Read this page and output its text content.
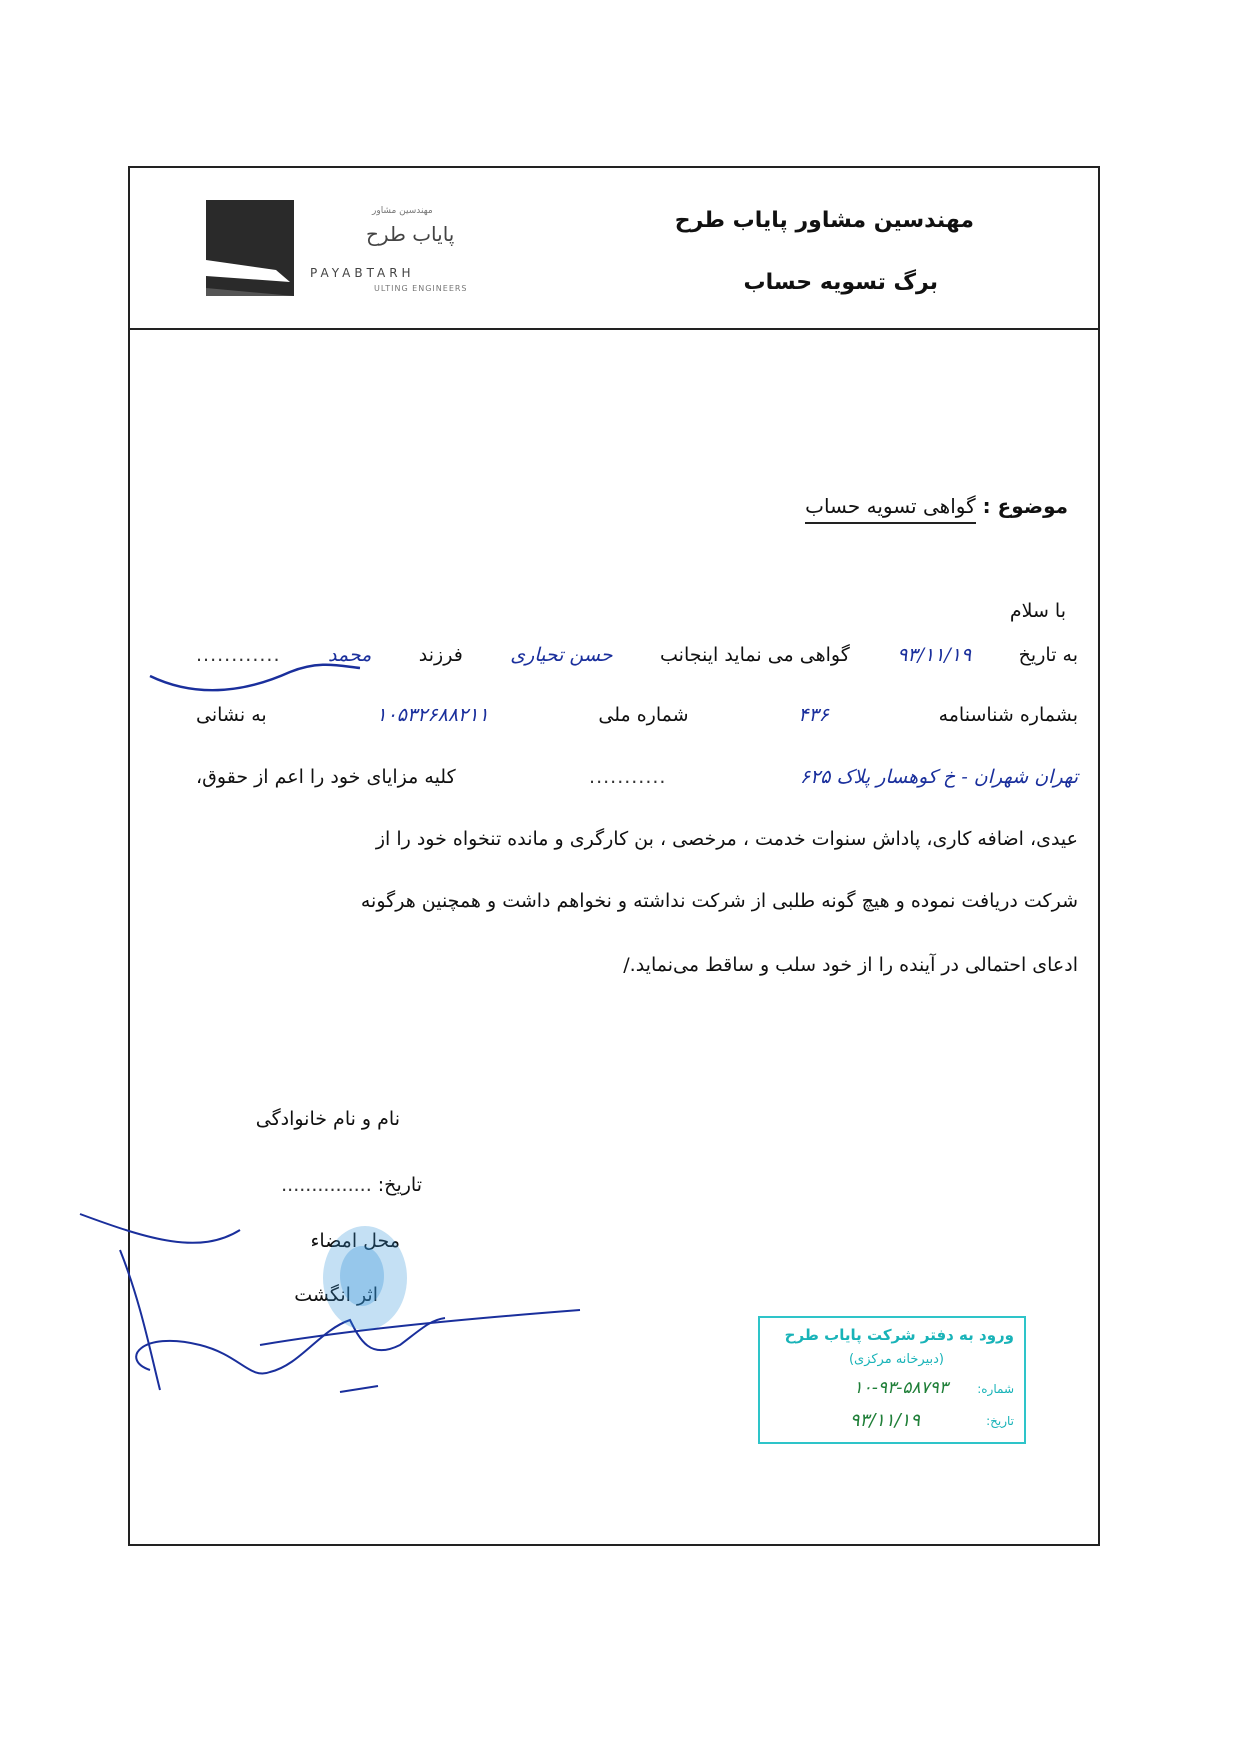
مهندسین مشاور پایاب طرح
برگ تسویه حساب
مهندسین مشاور
پایاب طرح
PAYABTARH
ULTING ENGINEERS
موضوع : گواهی تسویه حساب
با سلام
به تاریخ
۹۳/۱۱/۱۹
گواهی می نماید اینجانب
حسن تحیاری
فرزند
محمد
............
بشماره شناسنامه
۴۳۶
شماره ملی
۱۰۵۳۲۶۸۸۲۱۱
به نشانی
تهران شهران - خ کوهسار پلاک ۶۲۵
...........
کلیه مزایای خود را اعم از حقوق،
عیدی، اضافه کاری، پاداش سنوات خدمت ، مرخصی ، بن کارگری و مانده تنخواه خود را از
شرکت دریافت نموده و هیچ گونه طلبی از شرکت نداشته و نخواهم داشت و همچنین هرگونه
ادعای احتمالی در آینده را از خود سلب و ساقط می‌نماید./
نام و نام خانوادگی
تاریخ: ...............
محل امضاء
اثر انگشت
ورود به دفتر شرکت پایاب طرح
(دبیرخانه مرکزی)
شماره:
۱۰-۹۳-۵۸۷۹۳
تاریخ:
۹۳/۱۱/۱۹
